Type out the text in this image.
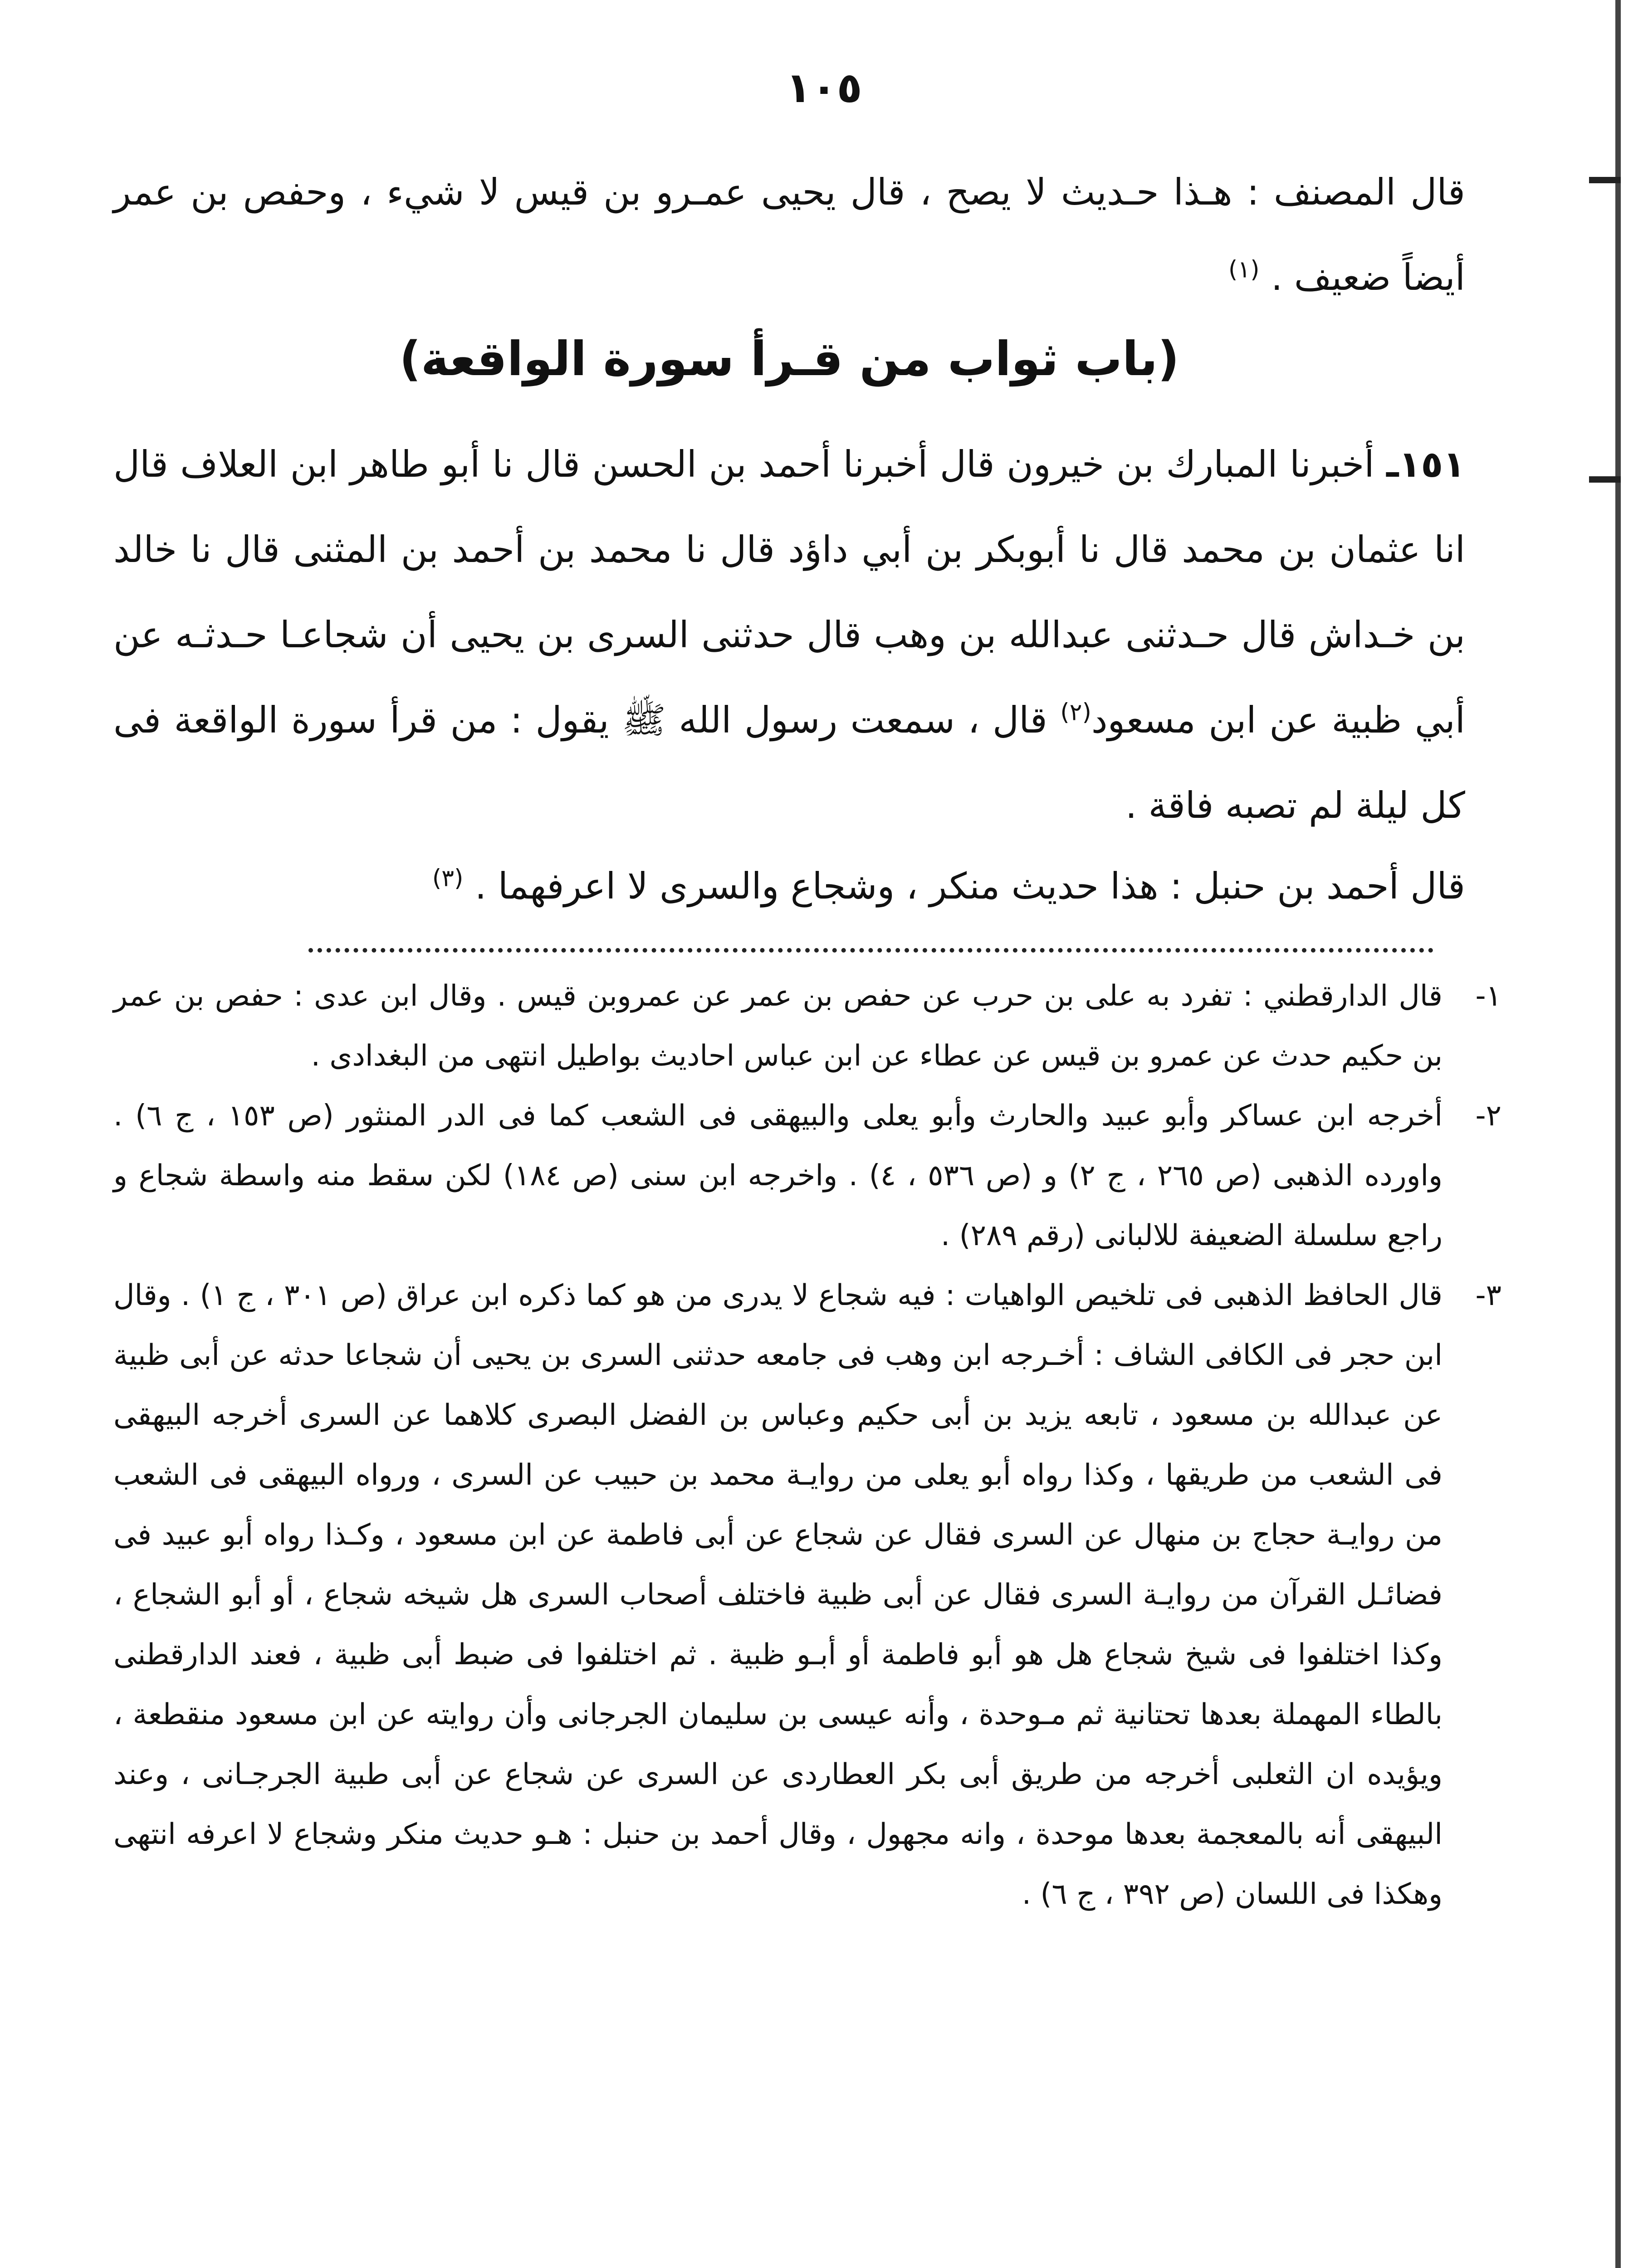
١٠٥
قال المصنف : هـذا حـديث لا يصح ، قال يحيى عمـرو بن قيس لا شيء ، وحفص بن عمر أيضاً ضعيف . $^{(١)}$
(باب ثواب من قـرأ سورة الواقعة)
١٥١ـ أخبرنا المبارك بن خيرون قال أخبرنا أحمد بن الحسن قال نا أبو طاهر ابن العلاف قال انا عثمان بن محمد قال نا أبوبكر بن أبي داؤد قال نا محمد بن أحمد بن المثنى قال نا خالد بن خـداش قال حـدثنى عبدالله بن وهب قال حدثنى السرى بن يحيى أن شجاعـا حـدثـه عن أبي ظبية عن ابن مسعود$^{(٢)}$ قال ، سمعت رسول الله ﷺ يقول : من قرأ سورة الواقعة فى كل ليلة لم تصبه فاقة .
قال أحمد بن حنبل : هذا حديث منكر ، وشجاع والسرى لا اعرفهما . $^{(٣)}$
١-
قال الدارقطني : تفرد به على بن حرب عن حفص بن عمر عن عمروبن قيس . وقال ابن عدى : حفص بن عمر بن حكيم حدث عن عمرو بن قيس عن عطاء عن ابن عباس احاديث بواطيل انتهى من البغدادى .
٢-
أخرجه ابن عساكر وأبو عبيد والحارث وأبو يعلى والبيهقى فى الشعب كما فى الدر المنثور (ص ١٥٣ ، ج ٦) . واورده الذهبى (ص ٢٦٥ ، ج ٢) و (ص ٥٣٦ ، ٤) . واخرجه ابن سنى (ص ١٨٤) لكن سقط منه واسطة شجاع و راجع سلسلة الضعيفة للالبانى (رقم ٢٨٩) .
٣-
قال الحافظ الذهبى فى تلخيص الواهيات : فيه شجاع لا يدرى من هو كما ذكره ابن عراق (ص ٣٠١ ، ج ١) . وقال ابن حجر فى الكافى الشاف : أخـرجه ابن وهب فى جامعه حدثنى السرى بن يحيى أن شجاعا حدثه عن أبى ظبية عن عبدالله بن مسعود ، تابعه يزيد بن أبى حكيم وعباس بن الفضل البصرى كلاهما عن السرى أخرجه البيهقى فى الشعب من طريقها ، وكذا رواه أبو يعلى من روايـة محمد بن حبيب عن السرى ، ورواه البيهقى فى الشعب من روايـة حجاج بن منهال عن السرى فقال عن شجاع عن أبى فاطمة عن ابن مسعود ، وكـذا رواه أبو عبيد فى فضائـل القرآن من روايـة السرى فقال عن أبى ظبية فاختلف أصحاب السرى هل شيخه شجاع ، أو أبو الشجاع ، وكذا اختلفوا فى شيخ شجاع هل هو أبو فاطمة أو أبـو ظبية . ثم اختلفوا فى ضبط أبى ظبية ، فعند الدارقطنى بالطاء المهملة بعدها تحتانية ثم مـوحدة ، وأنه عيسى بن سليمان الجرجانى وأن روايته عن ابن مسعود منقطعة ، ويؤيده ان الثعلبى أخرجه من طريق أبى بكر العطاردى عن السرى عن شجاع عن أبى طبية الجرجـانى ، وعند البيهقى أنه بالمعجمة بعدها موحدة ، وانه مجهول ، وقال أحمد بن حنبل : هـو حديث منكر وشجاع لا اعرفه انتهى وهكذا فى اللسان (ص ٣٩٢ ، ج ٦) .
